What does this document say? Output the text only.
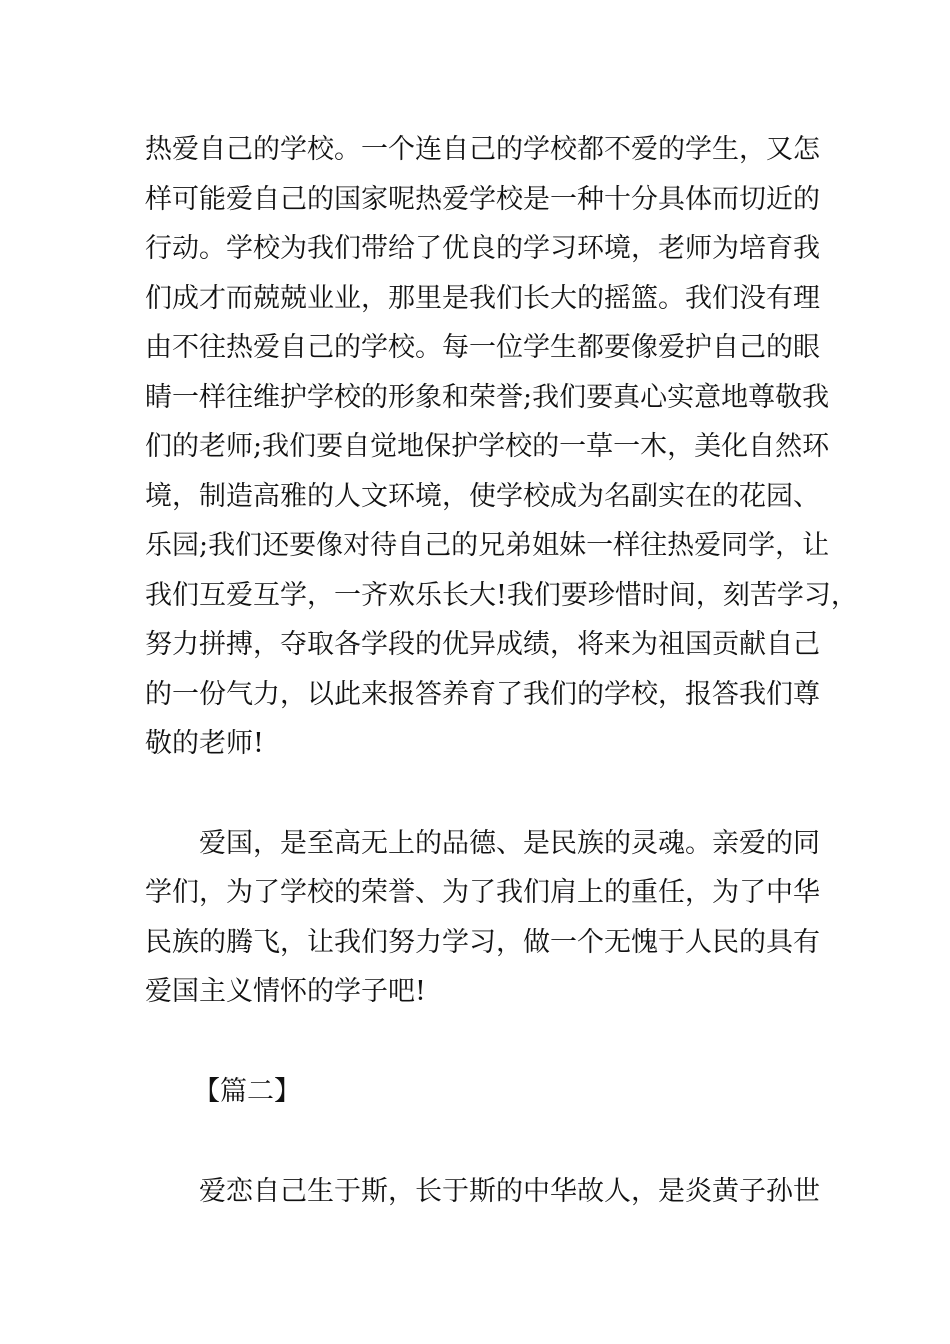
热爱自己的学校。一个连自己的学校都不爱的学生，又怎

样可能爱自己的国家呢热爱学校是一种十分具体而切近的

行动。学校为我们带给了优良的学习环境，老师为培育我

们成才而兢兢业业，那里是我们长大的摇篮。我们没有理

由不往热爱自己的学校。每一位学生都要像爱护自己的眼

睛一样往维护学校的形象和荣誉;我们要真心实意地尊敬我

们的老师;我们要自觉地保护学校的一草一木，美化自然环

境，制造高雅的人文环境，使学校成为名副实在的花园、

乐园;我们还要像对待自己的兄弟姐妹一样往热爱同学，让

我们互爱互学，一齐欢乐长大!我们要珍惜时间，刻苦学习，

努力拼搏，夺取各学段的优异成绩，将来为祖国贡献自己

的一份气力，以此来报答养育了我们的学校，报答我们尊

敬的老师!

爱国，是至高无上的品德、是民族的灵魂。亲爱的同

学们，为了学校的荣誉、为了我们肩上的重任，为了中华

民族的腾飞，让我们努力学习，做一个无愧于人民的具有

爱国主义情怀的学子吧!

【篇二】

爱恋自己生于斯，长于斯的中华故人，是炎黄子孙世
